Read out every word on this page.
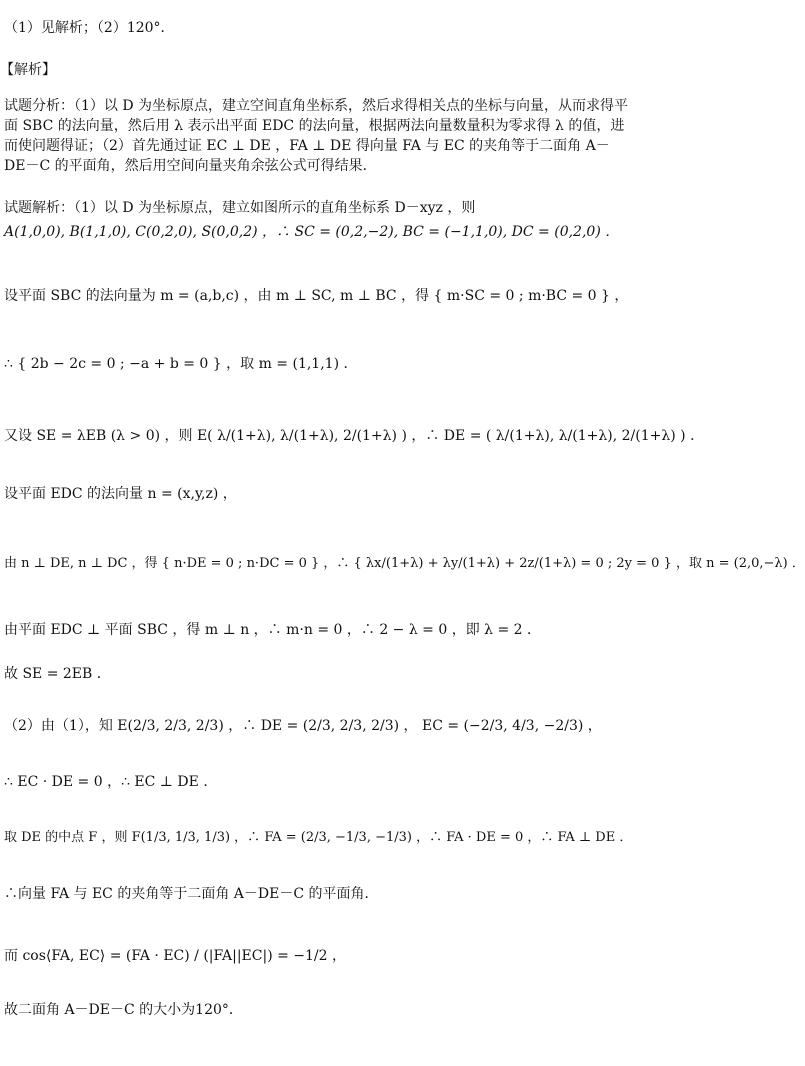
（1）见解析；（2）120°．
【解析】
试题分析：（1）以 D 为坐标原点，建立空间直角坐标系，然后求得相关点的坐标与向量，从而求得平面 SBC 的法向量，然后用 λ 表示出平面 EDC 的法向量，根据两法向量数量积为零求得 λ 的值，进而使问题得证；（2）首先通过证 EC ⊥ DE ，FA ⊥ DE 得向量 FA 与 EC 的夹角等于二面角 A－DE－C 的平面角，然后用空间向量夹角余弦公式可得结果．
试题解析：（1）以 D 为坐标原点，建立如图所示的直角坐标系 D－xyz ，则
A(1,0,0), B(1,1,0), C(0,2,0), S(0,0,2) ，∴ SC = (0,2,−2), BC = (−1,1,0), DC = (0,2,0) ．
设平面 SBC 的法向量为 m = (a,b,c) ，由 m ⊥ SC, m ⊥ BC ，得 { m·SC = 0 ; m·BC = 0 } ，
∴ { 2b − 2c = 0 ; −a + b = 0 } ，取 m = (1,1,1) ．
又设 SE = λEB (λ > 0) ，则 E( λ/(1+λ), λ/(1+λ), 2/(1+λ) ) ，∴ DE = ( λ/(1+λ), λ/(1+λ), 2/(1+λ) ) ．
设平面 EDC 的法向量 n = (x,y,z) ，
由 n ⊥ DE, n ⊥ DC ，得 { n·DE = 0 ; n·DC = 0 } ，∴ { λx/(1+λ) + λy/(1+λ) + 2z/(1+λ) = 0 ; 2y = 0 } ，取 n = (2,0,−λ) ．
由平面 EDC ⊥ 平面 SBC ，得 m ⊥ n ，∴ m·n = 0 ，∴ 2 − λ = 0 ，即 λ = 2 ．
故 SE = 2EB ．
（2）由（1），知 E(2/3, 2/3, 2/3) ，∴ DE = (2/3, 2/3, 2/3) ， EC = (−2/3, 4/3, −2/3) ，
∴ EC · DE = 0 ，∴ EC ⊥ DE ．
取 DE 的中点 F ，则 F(1/3, 1/3, 1/3) ，∴ FA = (2/3, −1/3, −1/3) ，∴ FA · DE = 0 ，∴ FA ⊥ DE ．
∴向量 FA 与 EC 的夹角等于二面角 A－DE－C 的平面角．
而 cos⟨FA, EC⟩ = (FA · EC) / (|FA||EC|) = −1/2 ，
故二面角 A－DE－C 的大小为120°．
